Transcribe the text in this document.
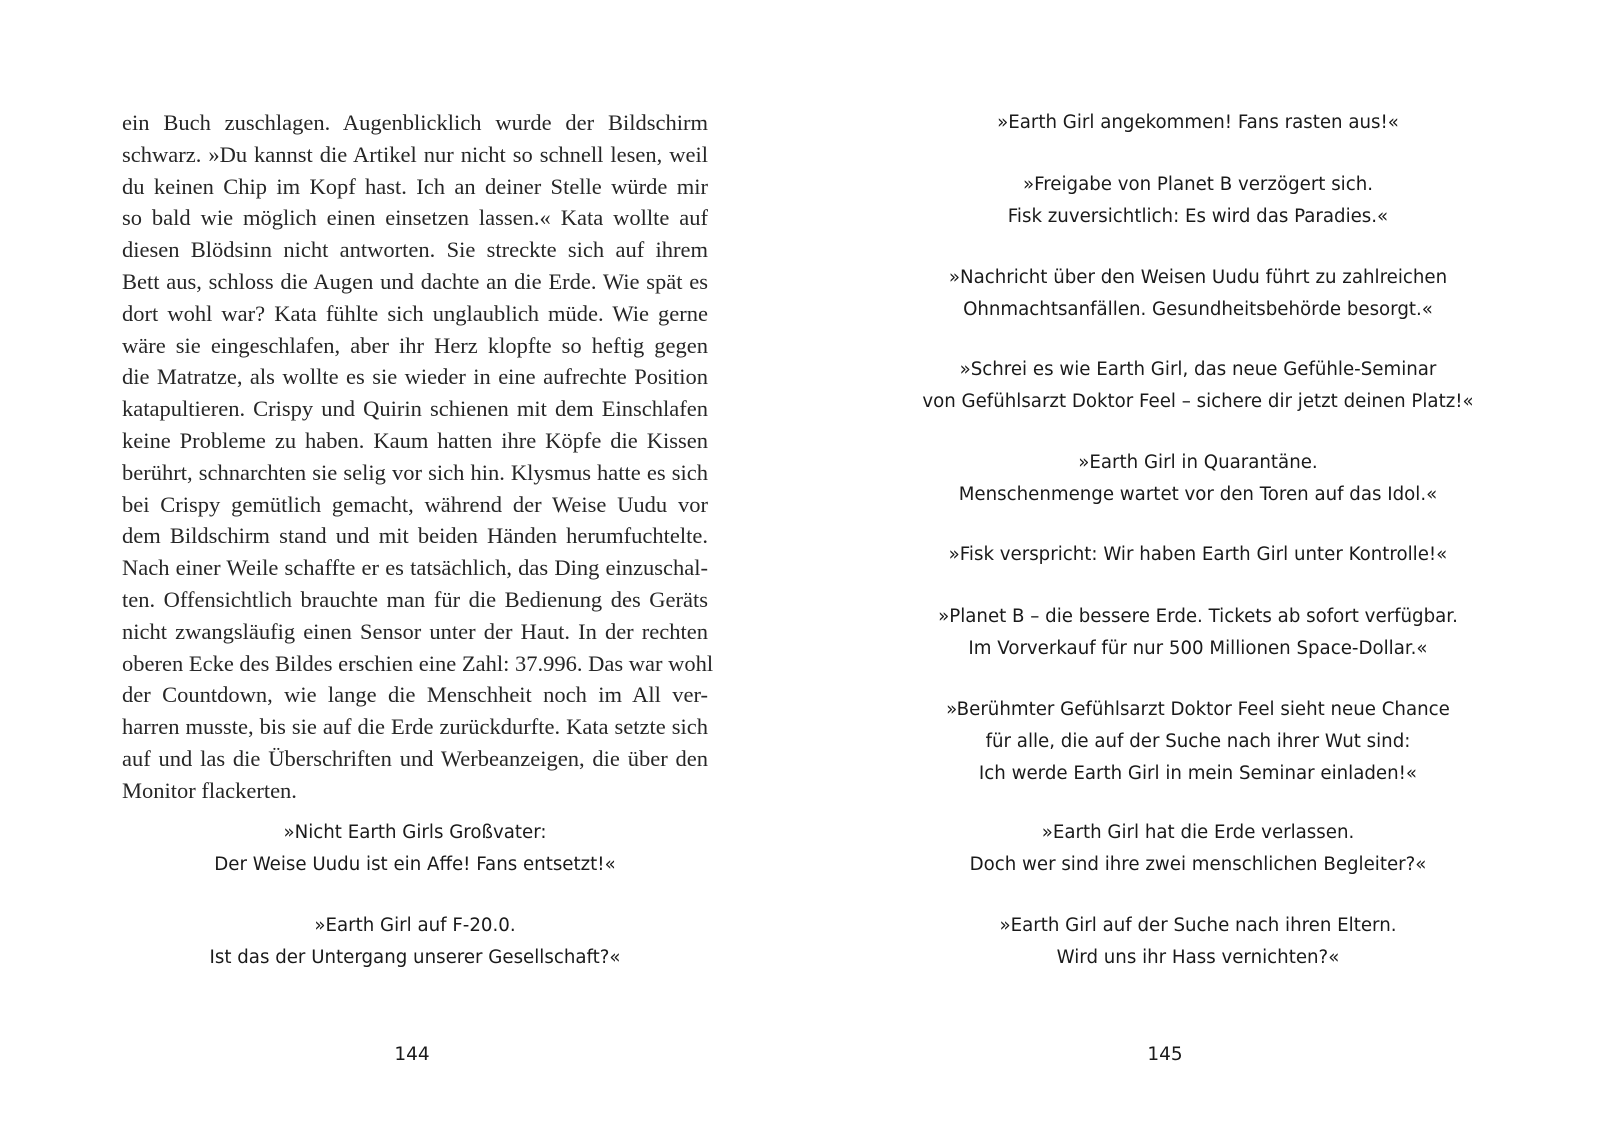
ein Buch zuschlagen. Augenblicklich wurde der Bildschirm
schwarz. »Du kannst die Artikel nur nicht so schnell lesen, weil
du keinen Chip im Kopf hast. Ich an deiner Stelle würde mir
so bald wie möglich einen einsetzen lassen.« Kata wollte auf
diesen Blödsinn nicht antworten. Sie streckte sich auf ihrem
Bett aus, schloss die Augen und dachte an die Erde. Wie spät es
dort wohl war? Kata fühlte sich unglaublich müde. Wie gerne
wäre sie eingeschlafen, aber ihr Herz klopfte so heftig gegen
die Matratze, als wollte es sie wieder in eine aufrechte Position
katapultieren. Crispy und Quirin schienen mit dem Einschlafen
keine Probleme zu haben. Kaum hatten ihre Köpfe die Kissen
berührt, schnarchten sie selig vor sich hin. Klysmus hatte es sich
bei Crispy gemütlich gemacht, während der Weise Uudu vor
dem Bildschirm stand und mit beiden Händen herumfuchtelte.
Nach einer Weile schaffte er es tatsächlich, das Ding einzuschal-
ten. Offensichtlich brauchte man für die Bedienung des Geräts
nicht zwangsläufig einen Sensor unter der Haut. In der rechten
oberen Ecke des Bildes erschien eine Zahl: 37.996. Das war wohl
der Countdown, wie lange die Menschheit noch im All ver-
harren musste, bis sie auf die Erde zurückdurfte. Kata setzte sich
auf und las die Überschriften und Werbeanzeigen, die über den
Monitor flackerten.
»Nicht Earth Girls Großvater:
Der Weise Uudu ist ein Affe! Fans entsetzt!«
»Earth Girl auf F-20.0.
Ist das der Untergang unserer Gesellschaft?«
144
»Earth Girl angekommen! Fans rasten aus!«
»Freigabe von Planet B verzögert sich.
Fisk zuversichtlich: Es wird das Paradies.«
»Nachricht über den Weisen Uudu führt zu zahlreichen
Ohnmachtsanfällen. Gesundheitsbehörde besorgt.«
»Schrei es wie Earth Girl, das neue Gefühle-Seminar
von Gefühlsarzt Doktor Feel – sichere dir jetzt deinen Platz!«
»Earth Girl in Quarantäne.
Menschenmenge wartet vor den Toren auf das Idol.«
»Fisk verspricht: Wir haben Earth Girl unter Kontrolle!«
»Planet B – die bessere Erde. Tickets ab sofort verfügbar.
Im Vorverkauf für nur 500 Millionen Space-Dollar.«
»Berühmter Gefühlsarzt Doktor Feel sieht neue Chance
für alle, die auf der Suche nach ihrer Wut sind:
Ich werde Earth Girl in mein Seminar einladen!«
»Earth Girl hat die Erde verlassen.
Doch wer sind ihre zwei menschlichen Begleiter?«
»Earth Girl auf der Suche nach ihren Eltern.
Wird uns ihr Hass vernichten?«
145
